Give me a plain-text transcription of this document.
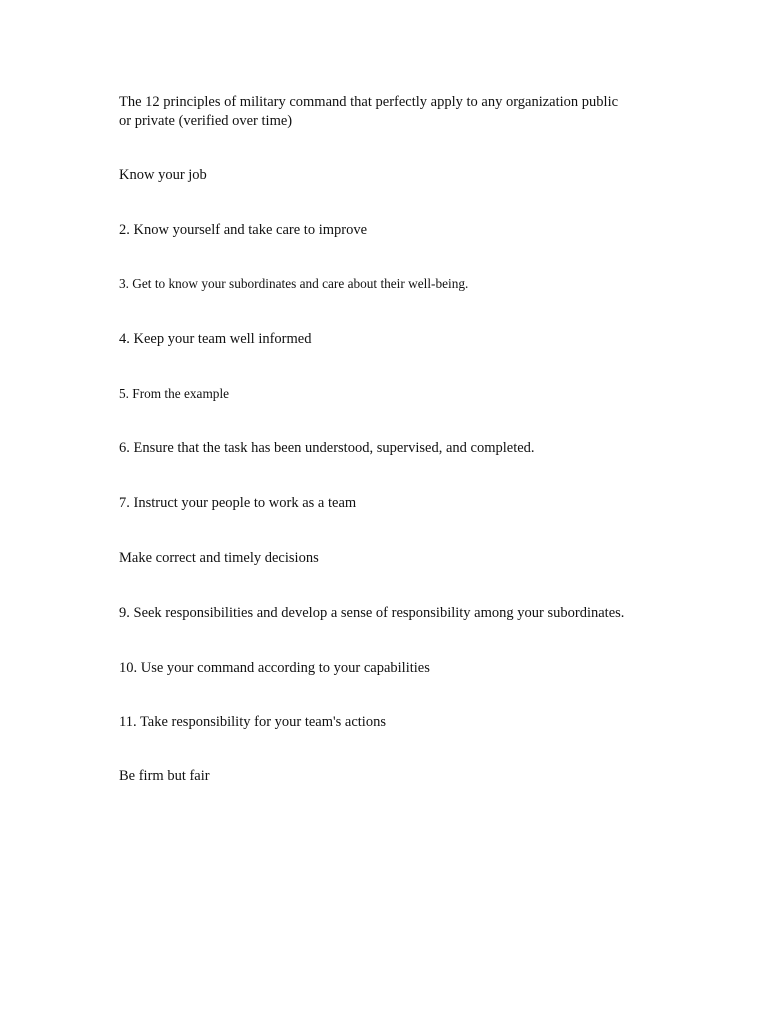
The 12 principles of military command that perfectly apply to any organization public or private (verified over time)

Know your job

2. Know yourself and take care to improve

3. Get to know your subordinates and care about their well-being.

4. Keep your team well informed

5. From the example

6. Ensure that the task has been understood, supervised, and completed.

7. Instruct your people to work as a team

Make correct and timely decisions

9. Seek responsibilities and develop a sense of responsibility among your subordinates.

10. Use your command according to your capabilities

11. Take responsibility for your team's actions

Be firm but fair
